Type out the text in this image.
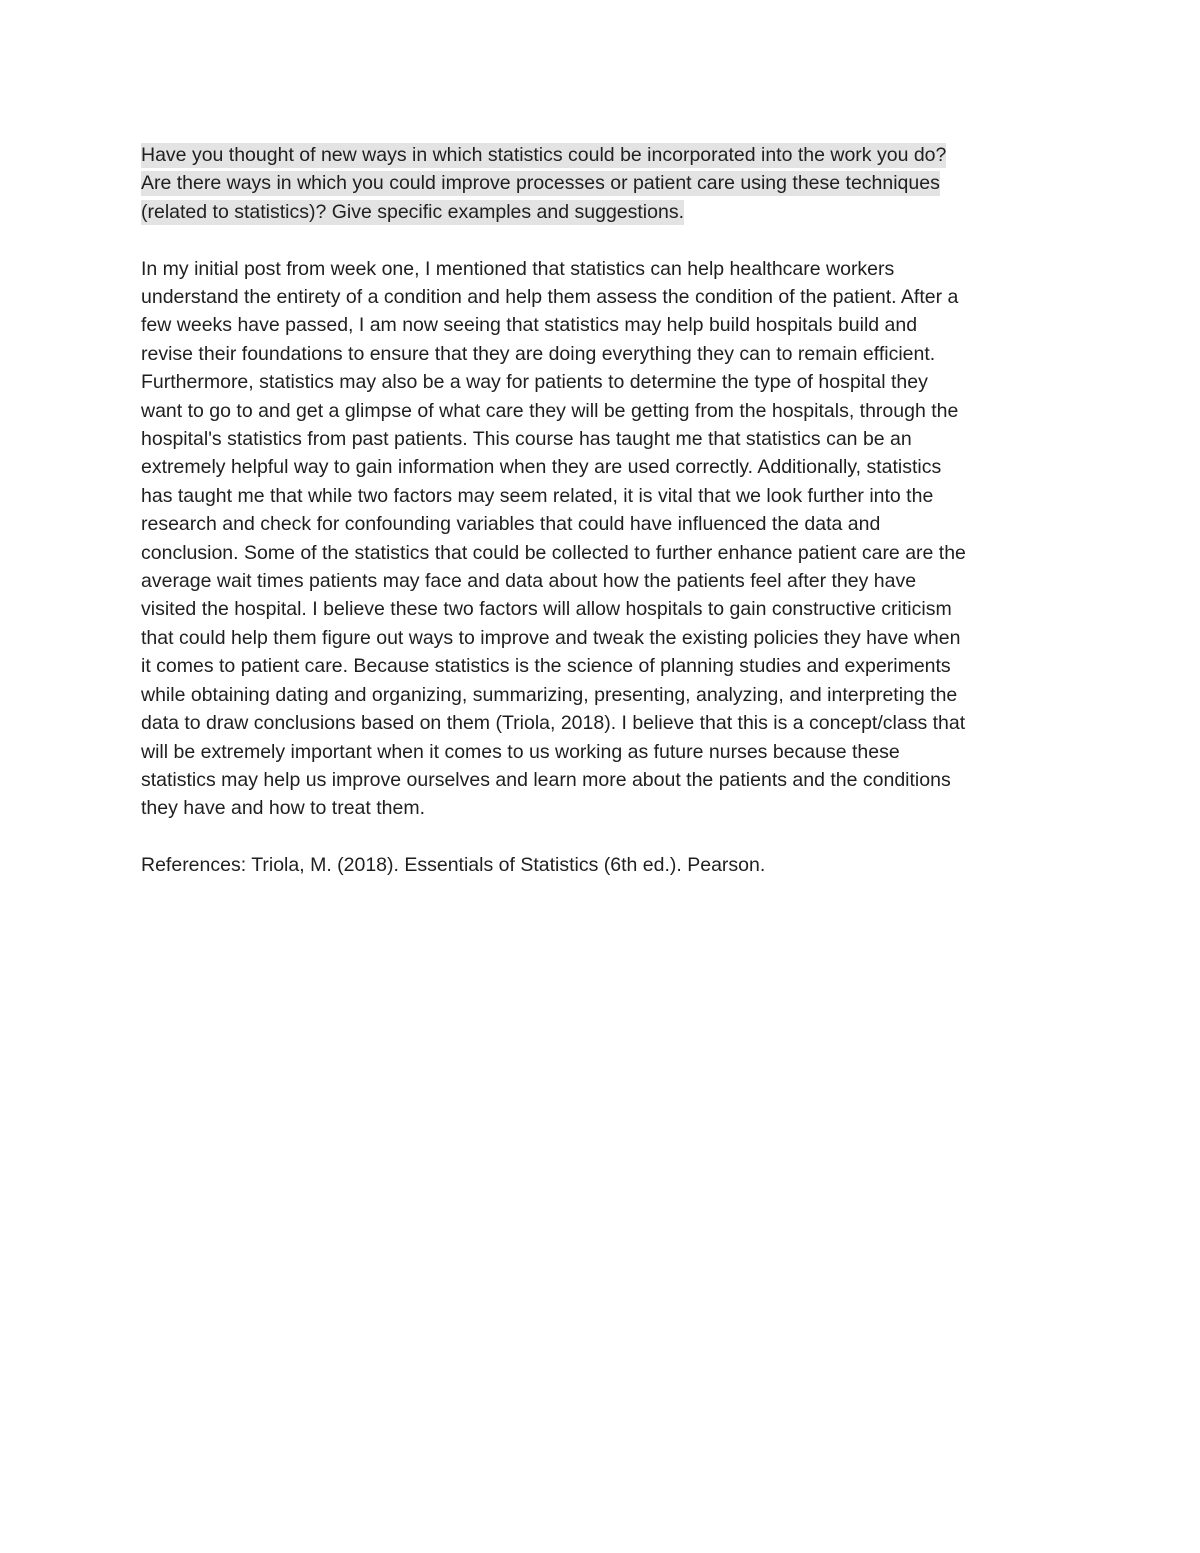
Have you thought of new ways in which statistics could be incorporated into the work you do?
Are there ways in which you could improve processes or patient care using these techniques
(related to statistics)? Give specific examples and suggestions.
In my initial post from week one, I mentioned that statistics can help healthcare workers
understand the entirety of a condition and help them assess the condition of the patient. After a
few weeks have passed, I am now seeing that statistics may help build hospitals build and
revise their foundations to ensure that they are doing everything they can to remain efficient.
Furthermore, statistics may also be a way for patients to determine the type of hospital they
want to go to and get a glimpse of what care they will be getting from the hospitals, through the
hospital's statistics from past patients. This course has taught me that statistics can be an
extremely helpful way to gain information when they are used correctly. Additionally, statistics
has taught me that while two factors may seem related, it is vital that we look further into the
research and check for confounding variables that could have influenced the data and
conclusion. Some of the statistics that could be collected to further enhance patient care are the
average wait times patients may face and data about how the patients feel after they have
visited the hospital. I believe these two factors will allow hospitals to gain constructive criticism
that could help them figure out ways to improve and tweak the existing policies they have when
it comes to patient care. Because statistics is the science of planning studies and experiments
while obtaining dating and organizing, summarizing, presenting, analyzing, and interpreting the
data to draw conclusions based on them (Triola, 2018). I believe that this is a concept/class that
will be extremely important when it comes to us working as future nurses because these
statistics may help us improve ourselves and learn more about the patients and the conditions
they have and how to treat them.
References: Triola, M. (2018). Essentials of Statistics (6th ed.). Pearson.
